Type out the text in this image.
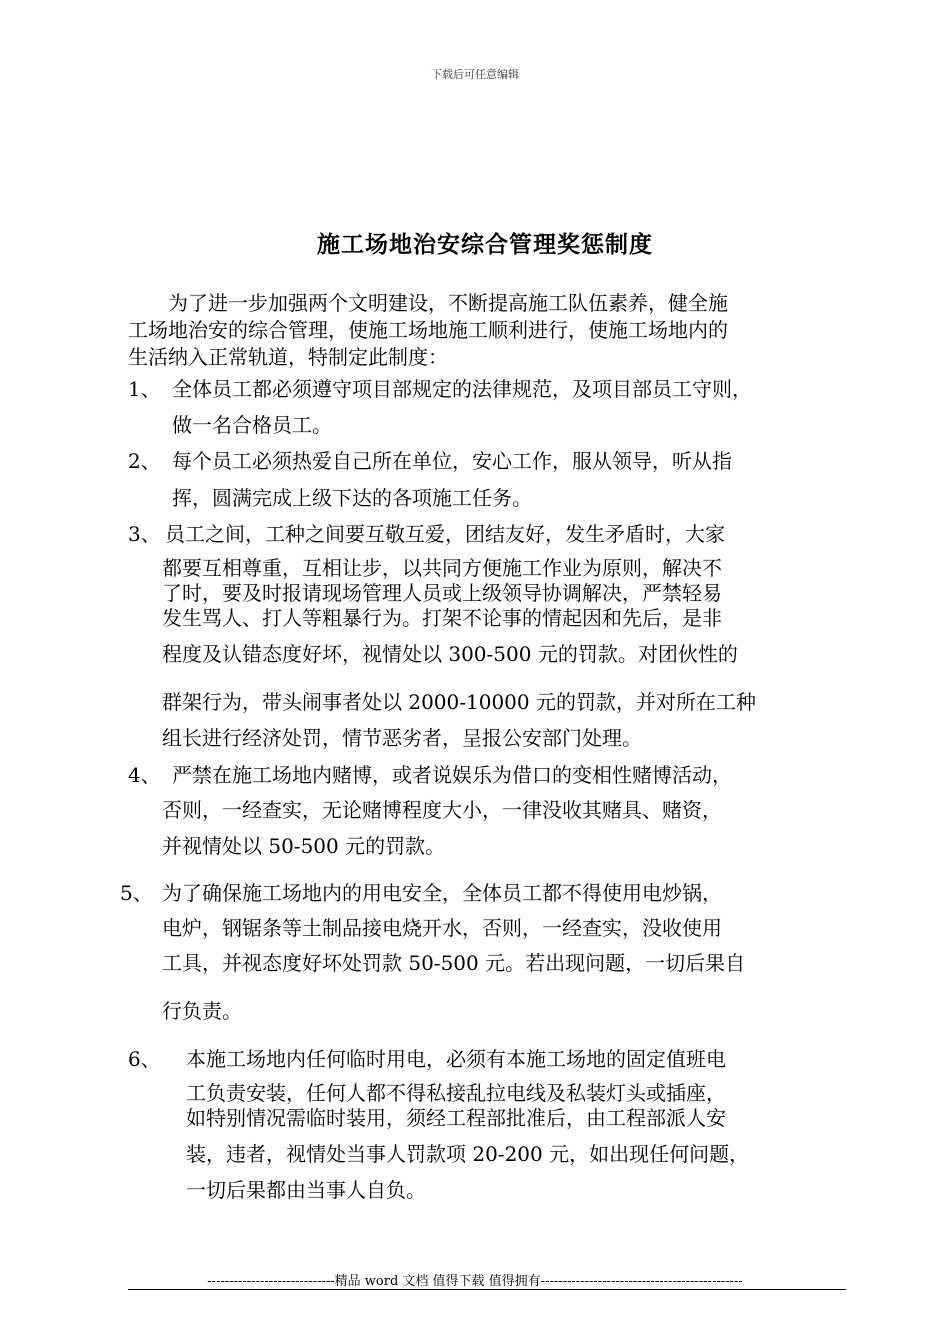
下载后可任意编辑
施工场地治安综合管理奖惩制度
　　为了进一步加强两个文明建设，不断提高施工队伍素养，健全施
工场地治安的综合管理，使施工场地施工顺利进行，使施工场地内的
生活纳入正常轨道，特制定此制度：
1、 全体员工都必须遵守项目部规定的法律规范，及项目部员工守则，
做一名合格员工。
2、 每个员工必须热爱自己所在单位，安心工作，服从领导，听从指
挥，圆满完成上级下达的各项施工任务。
3、 员工之间，工种之间要互敬互爱，团结友好，发生矛盾时，大家
都要互相尊重，互相让步，以共同方便施工作业为原则，解决不
了时，要及时报请现场管理人员或上级领导协调解决，严禁轻易
发生骂人、打人等粗暴行为。打架不论事的情起因和先后，是非
程度及认错态度好坏，视情处以 300-500 元的罚款。对团伙性的
群架行为，带头闹事者处以 2000-10000 元的罚款，并对所在工种
组长进行经济处罚，情节恶劣者，呈报公安部门处理。
4、 严禁在施工场地内赌博，或者说娱乐为借口的变相性赌博活动，
否则，一经查实，无论赌博程度大小，一律没收其赌具、赌资，
并视情处以 50-500 元的罚款。
5、 为了确保施工场地内的用电安全，全体员工都不得使用电炒锅，
电炉，钢锯条等土制品接电烧开水，否则，一经查实，没收使用
工具，并视态度好坏处罚款 50-500 元。若出现问题，一切后果自
行负责。
6、 本施工场地内任何临时用电，必须有本施工场地的固定值班电
工负责安装，任何人都不得私接乱拉电线及私装灯头或插座，
如特别情况需临时装用，须经工程部批准后，由工程部派人安
装，违者，视情处当事人罚款项 20-200 元，如出现任何问题，
一切后果都由当事人自负。
-----------------------------精品 word 文档 值得下载 值得拥有----------------------------------------------
